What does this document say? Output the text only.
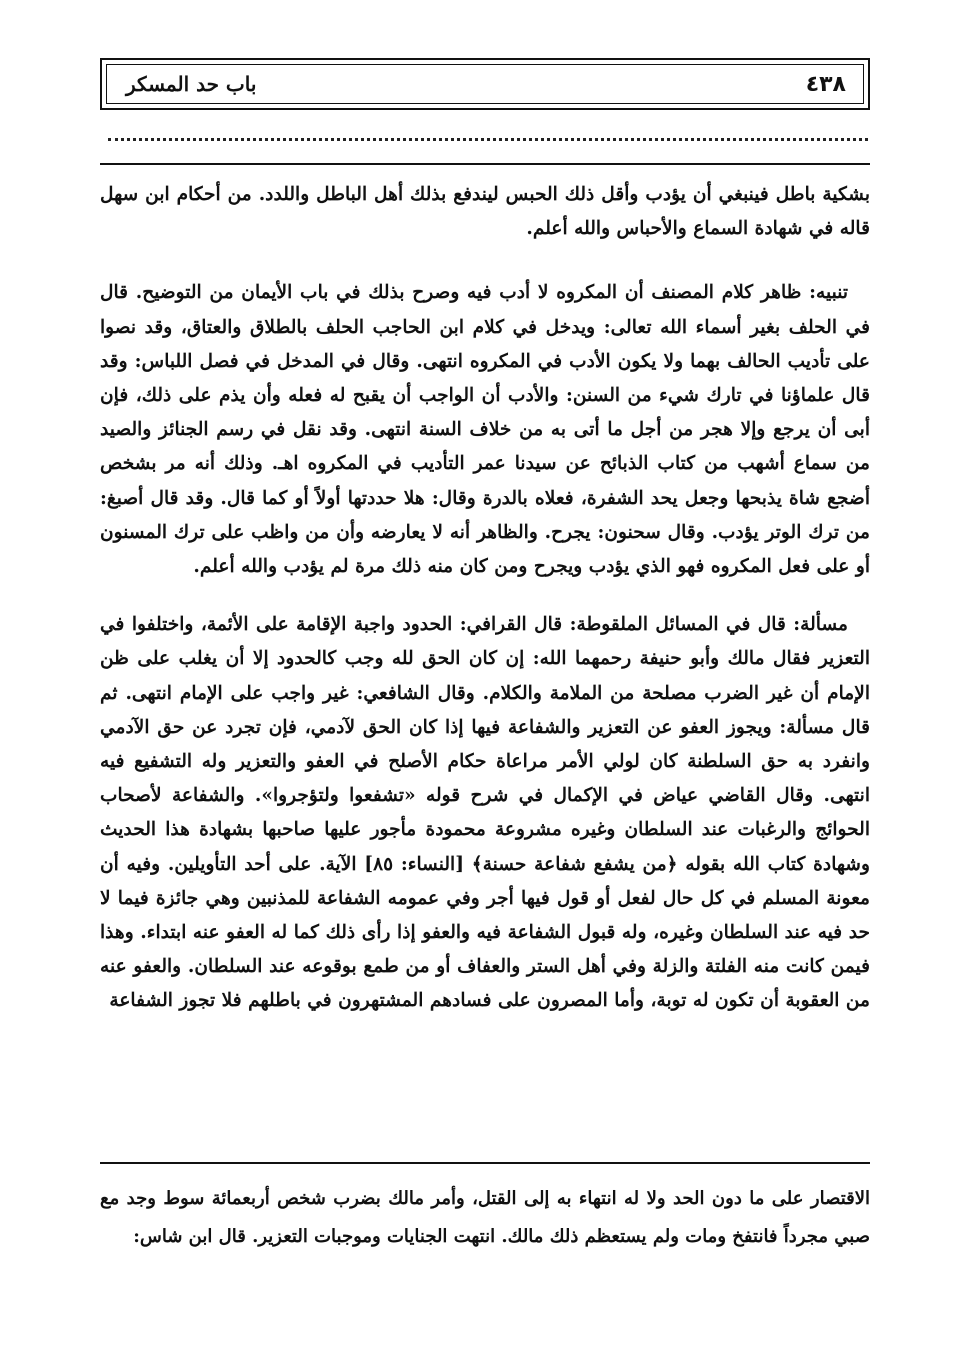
٤٣٨
باب حد المسكر

بشكية باطل فينبغي أن يؤدب وأقل ذلك الحبس ليندفع بذلك أهل الباطل واللدد. من أحكام ابن سهل قاله في شهادة السماع والأحباس والله أعلم.

تنبيه: ظاهر كلام المصنف أن المكروه لا أدب فيه وصرح بذلك في باب الأيمان من التوضيح. قال في الحلف بغير أسماء الله تعالى: ويدخل في كلام ابن الحاجب الحلف بالطلاق والعتاق، وقد نصوا على تأديب الحالف بهما ولا يكون الأدب في المكروه انتهى. وقال في المدخل في فصل اللباس: وقد قال علماؤنا في تارك شيء من السنن: والأدب أن الواجب أن يقبح له فعله وأن يذم على ذلك، فإن أبى أن يرجع وإلا هجر من أجل ما أتى به من خلاف السنة انتهى. وقد نقل في رسم الجنائز والصيد من سماع أشهب من كتاب الذبائح عن سيدنا عمر التأديب في المكروه اهـ. وذلك أنه مر بشخص أضجع شاة يذبحها وجعل يحد الشفرة، فعلاه بالدرة وقال: هلا حددتها أولاً أو كما قال. وقد قال أصبغ: من ترك الوتر يؤدب. وقال سحنون: يجرح. والظاهر أنه لا يعارضه وأن من واظب على ترك المسنون أو على فعل المكروه فهو الذي يؤدب ويجرح ومن كان منه ذلك مرة لم يؤدب والله أعلم.

مسألة: قال في المسائل الملقوطة: قال القرافي: الحدود واجبة الإقامة على الأئمة، واختلفوا في التعزير فقال مالك وأبو حنيفة رحمهما الله: إن كان الحق لله وجب كالحدود إلا أن يغلب على ظن الإمام أن غير الضرب مصلحة من الملامة والكلام. وقال الشافعي: غير واجب على الإمام انتهى. ثم قال مسألة: ويجوز العفو عن التعزير والشفاعة فيها إذا كان الحق لآدمي، فإن تجرد عن حق الآدمي وانفرد به حق السلطنة كان لولي الأمر مراعاة حكام الأصلح في العفو والتعزير وله التشفيع فيه انتهى. وقال القاضي عياض في الإكمال في شرح قوله «تشفعوا ولتؤجروا». والشفاعة لأصحاب الحوائج والرغبات عند السلطان وغيره مشروعة محمودة مأجور عليها صاحبها بشهادة هذا الحديث وشهادة كتاب الله بقوله ﴿من يشفع شفاعة حسنة﴾ [النساء: ٨٥] الآية. على أحد التأويلين. وفيه أن معونة المسلم في كل حال لفعل أو قول فيها أجر وفي عمومه الشفاعة للمذنبين وهي جائزة فيما لا حد فيه عند السلطان وغيره، وله قبول الشفاعة فيه والعفو إذا رأى ذلك كما له العفو عنه ابتداء. وهذا فيمن كانت منه الفلتة والزلة وفي أهل الستر والعفاف أو من طمع بوقوعه عند السلطان. والعفو عنه من العقوبة أن تكون له توبة، وأما المصرون على فسادهم المشتهرون في باطلهم فلا تجوز الشفاعة

الاقتصار على ما دون الحد ولا له انتهاء به إلى القتل، وأمر مالك بضرب شخص أربعمائة سوط وجد مع صبي مجرداً فانتفخ ومات ولم يستعظم ذلك مالك. انتهت الجنايات وموجبات التعزير. قال ابن شاس:
